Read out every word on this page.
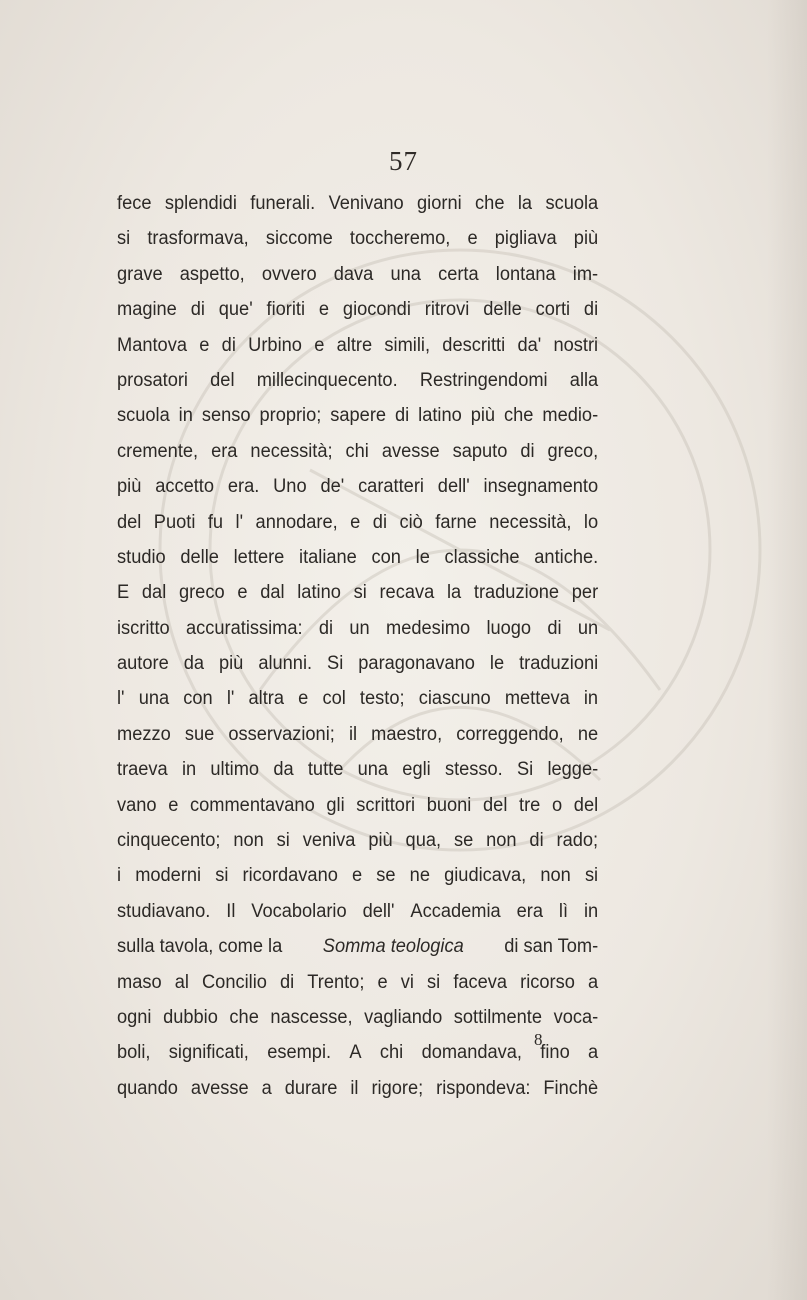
57
fece splendidi funerali. Venivano giorni che la scuola
si trasformava, siccome toccheremo, e pigliava più
grave aspetto, ovvero dava una certa lontana im-
magine di que' fioriti e giocondi ritrovi delle corti di
Mantova e di Urbino e altre simili, descritti da' nostri
prosatori del millecinquecento. Restringendomi alla
scuola in senso proprio; sapere di latino più che medio-
cremente, era necessità; chi avesse saputo di greco,
più accetto era. Uno de' caratteri dell' insegnamento
del Puoti fu l' annodare, e di ciò farne necessità, lo
studio delle lettere italiane con le classiche antiche.
E dal greco e dal latino si recava la traduzione per
iscritto accuratissima: di un medesimo luogo di un
autore da più alunni. Si paragonavano le traduzioni
l' una con l' altra e col testo; ciascuno metteva in
mezzo sue osservazioni; il maestro, correggendo, ne
traeva in ultimo da tutte una egli stesso. Si legge-
vano e commentavano gli scrittori buoni del tre o del
cinquecento; non si veniva più qua, se non di rado;
i moderni si ricordavano e se ne giudicava, non si
studiavano. Il Vocabolario dell' Accademia era lì in
sulla tavola, come la Somma teologica di san Tom-
maso al Concilio di Trento; e vi si faceva ricorso a
ogni dubbio che nascesse, vagliando sottilmente voca-
boli, significati, esempi. A chi domandava, fino a
quando avesse a durare il rigore; rispondeva: Finchè
8
